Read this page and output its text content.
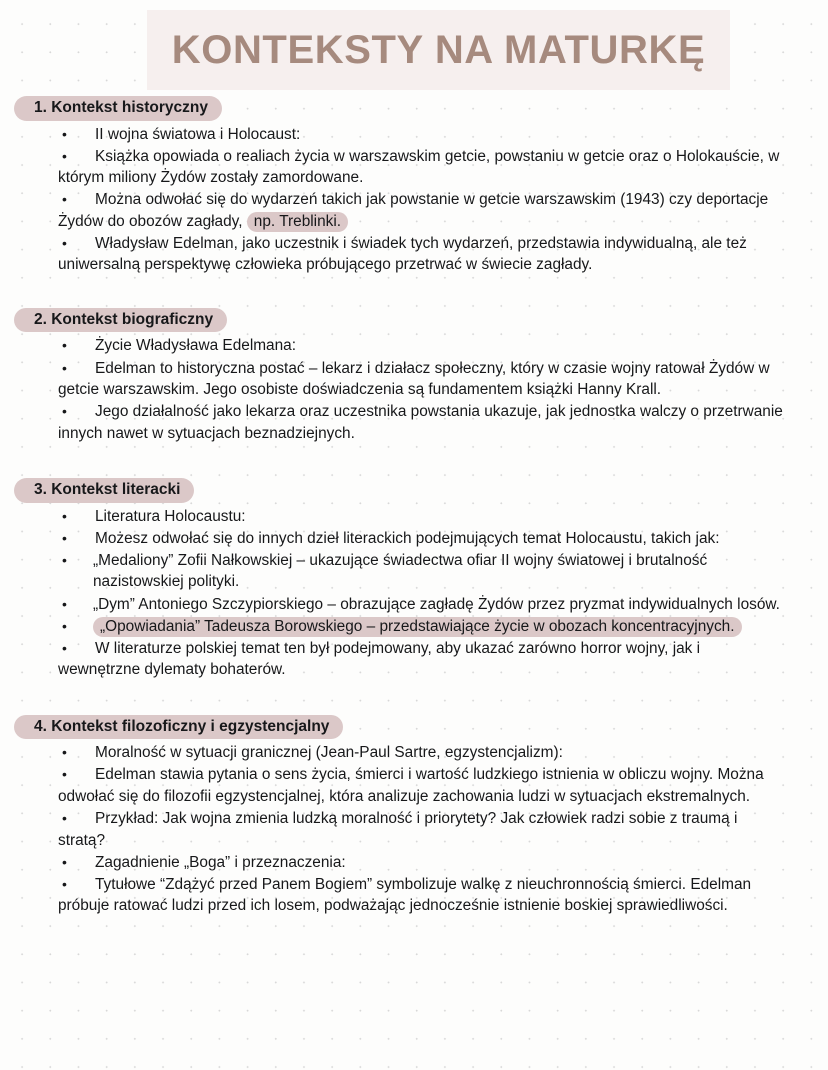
KONTEKSTY NA MATURKĘ
1. Kontekst historyczny
• II wojna światowa i Holocaust:
• Książka opowiada o realiach życia w warszawskim getcie, powstaniu w getcie oraz o Holokauście, w którym miliony Żydów zostały zamordowane.
• Można odwołać się do wydarzeń takich jak powstanie w getcie warszawskim (1943) czy deportacje Żydów do obozów zagłady, np. Treblinki.
• Władysław Edelman, jako uczestnik i świadek tych wydarzeń, przedstawia indywidualną, ale też uniwersalną perspektywę człowieka próbującego przetrwać w świecie zagłady.
2. Kontekst biograficzny
• Życie Władysława Edelmana:
• Edelman to historyczna postać – lekarz i działacz społeczny, który w czasie wojny ratował Żydów w getcie warszawskim. Jego osobiste doświadczenia są fundamentem książki Hanny Krall.
• Jego działalność jako lekarza oraz uczestnika powstania ukazuje, jak jednostka walczy o przetrwanie innych nawet w sytuacjach beznadziejnych.
3. Kontekst literacki
• Literatura Holocaustu:
• Możesz odwołać się do innych dzieł literackich podejmujących temat Holocaustu, takich jak:
• „Medaliony” Zofii Nałkowskiej – ukazujące świadectwa ofiar II wojny światowej i brutalność nazistowskiej polityki.
• „Dym” Antoniego Szczypiorskiego – obrazujące zagładę Żydów przez pryzmat indywidualnych losów.
• „Opowiadania” Tadeusza Borowskiego – przedstawiające życie w obozach koncentracyjnych.
• W literaturze polskiej temat ten był podejmowany, aby ukazać zarówno horror wojny, jak i wewnętrzne dylematy bohaterów.
4. Kontekst filozoficzny i egzystencjalny
• Moralność w sytuacji granicznej (Jean-Paul Sartre, egzystencjalizm):
• Edelman stawia pytania o sens życia, śmierci i wartość ludzkiego istnienia w obliczu wojny. Można odwołać się do filozofii egzystencjalnej, która analizuje zachowania ludzi w sytuacjach ekstremalnych.
• Przykład: Jak wojna zmienia ludzką moralność i priorytety? Jak człowiek radzi sobie z traumą i stratą?
• Zagadnienie „Boga” i przeznaczenia:
• Tytułowe “Zdążyć przed Panem Bogiem” symbolizuje walkę z nieuchronnością śmierci. Edelman próbuje ratować ludzi przed ich losem, podważając jednocześnie istnienie boskiej sprawiedliwości.
